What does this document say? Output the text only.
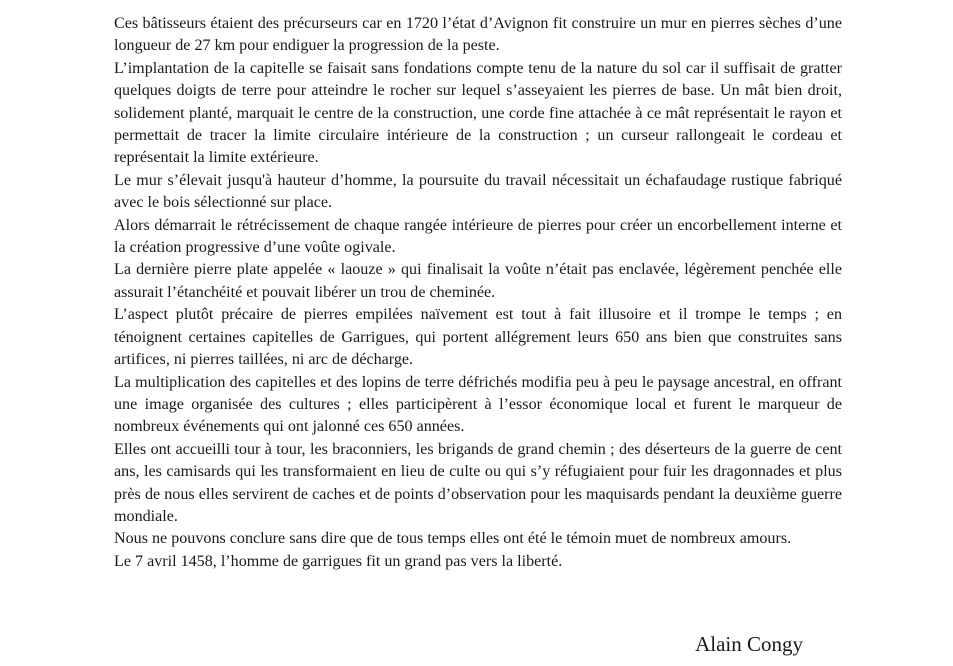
Ces bâtisseurs étaient des précurseurs car en 1720 l’état d’Avignon fit construire un mur en pierres sèches d’une longueur de 27 km pour endiguer la progression de la peste.

L’implantation de la capitelle se faisait sans fondations compte tenu de la nature du sol car il suffisait de gratter quelques doigts de terre pour atteindre le rocher sur lequel s’asseyaient les pierres de base. Un mât bien droit, solidement planté, marquait le centre de la construction, une corde fine attachée à ce mât représentait le rayon et permettait de tracer la limite circulaire intérieure de la construction ; un curseur rallongeait le cordeau et représentait la limite extérieure.

Le mur s’élevait jusqu'à hauteur d’homme, la poursuite du travail nécessitait un échafaudage rustique fabriqué avec le bois sélectionné sur place.

Alors démarrait le rétrécissement de chaque rangée intérieure de pierres pour créer un encorbellement interne et la création progressive d’une voûte ogivale.

La dernière pierre plate appelée « laouze » qui finalisait la voûte n’était pas enclavée, légèrement penchée elle assurait l’étanchéité et pouvait libérer un trou de cheminée.

L’aspect plutôt précaire de pierres empilées naïvement est tout à fait illusoire et il trompe le temps ; en ténoignent certaines capitelles de Garrigues, qui portent allégrement leurs 650 ans bien que construites sans artifices, ni pierres taillées, ni arc de décharge.

La multiplication des capitelles et des lopins de terre défrichés modifia peu à peu le paysage ancestral, en offrant une image organisée des cultures ; elles participèrent à l’essor économique local et furent le marqueur de nombreux événements qui ont jalonné ces 650 années.

Elles ont accueilli tour à tour, les braconniers, les brigands de grand chemin ; des déserteurs de la guerre de cent ans, les camisards qui les transformaient en lieu de culte ou qui s’y réfugiaient pour fuir les dragonnades et plus près de nous elles servirent de caches et de points d’observation pour les maquisards pendant la deuxième guerre mondiale.

Nous ne pouvons conclure sans dire que de tous temps elles ont été le témoin muet de nombreux amours.

Le 7 avril 1458, l’homme de garrigues fit un grand pas vers la liberté.

Alain Congy
